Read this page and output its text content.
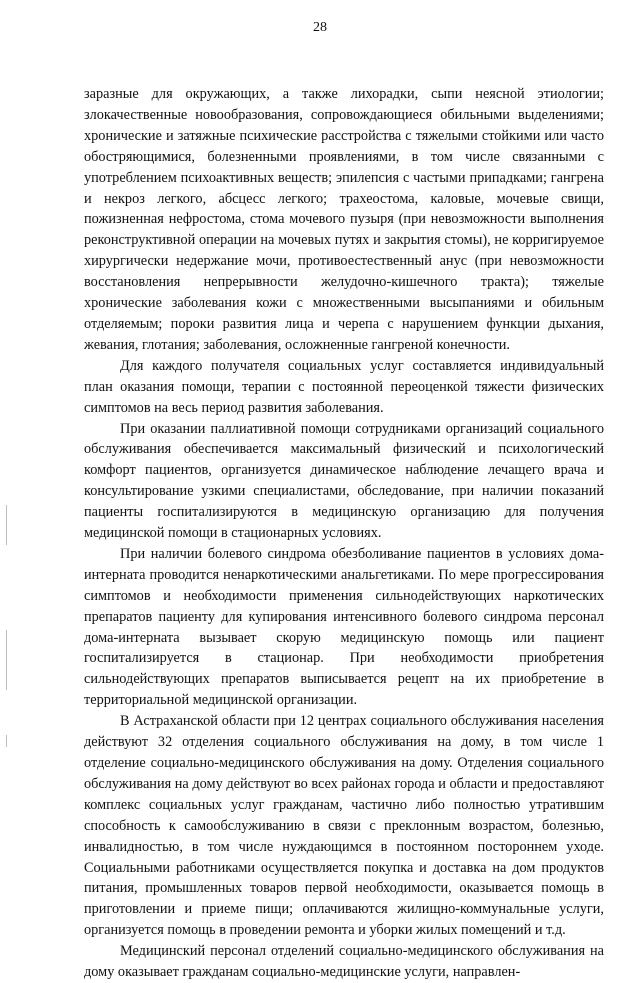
28

заразные для окружающих, а также лихорадки, сыпи неясной этиологии; злокачественные новообразования, сопровождающиеся обильными выделениями; хронические и затяжные психические расстройства с тяжелыми стойкими или часто обостряющимися, болезненными проявлениями, в том числе связанными с употреблением психоактивных веществ; эпилепсия с частыми припадками; гангрена и некроз легкого, абсцесс легкого; трахеостома, каловые, мочевые свищи, пожизненная нефростома, стома мочевого пузыря (при невозможности выполнения реконструктивной операции на мочевых путях и закрытия стомы), не корригируемое хирургически недержание мочи, противоестественный анус (при невозможности восстановления непрерывности желудочно-кишечного тракта); тяжелые хронические заболевания кожи с множественными высыпаниями и обильным отделяемым; пороки развития лица и черепа с нарушением функции дыхания, жевания, глотания; заболевания, осложненные гангреной конечности.

Для каждого получателя социальных услуг составляется индивидуальный план оказания помощи, терапии с постоянной переоценкой тяжести физических симптомов на весь период развития заболевания.

При оказании паллиативной помощи сотрудниками организаций социального обслуживания обеспечивается максимальный физический и психологический комфорт пациентов, организуется динамическое наблюдение лечащего врача и консультирование узкими специалистами, обследование, при наличии показаний пациенты госпитализируются в медицинскую организацию для получения медицинской помощи в стационарных условиях.

При наличии болевого синдрома обезболивание пациентов в условиях дома-интерната проводится ненаркотическими анальгетиками. По мере прогрессирования симптомов и необходимости применения сильнодействующих наркотических препаратов пациенту для купирования интенсивного болевого синдрома персонал дома-интерната вызывает скорую медицинскую помощь или пациент госпитализируется в стационар. При необходимости приобретения сильнодействующих препаратов выписывается рецепт на их приобретение в территориальной медицинской организации.

В Астраханской области при 12 центрах социального обслуживания населения действуют 32 отделения социального обслуживания на дому, в том числе 1 отделение социально-медицинского обслуживания на дому. Отделения социального обслуживания на дому действуют во всех районах города и области и предоставляют комплекс социальных услуг гражданам, частично либо полностью утратившим способность к самообслуживанию в связи с преклонным возрастом, болезнью, инвалидностью, в том числе нуждающимся в постоянном постороннем уходе. Социальными работниками осуществляется покупка и доставка на дом продуктов питания, промышленных товаров первой необходимости, оказывается помощь в приготовлении и приеме пищи; оплачиваются жилищно-коммунальные услуги, организуется помощь в проведении ремонта и уборки жилых помещений и т.д.

Медицинский персонал отделений социально-медицинского обслуживания на дому оказывает гражданам социально-медицинские услуги, направлен-
